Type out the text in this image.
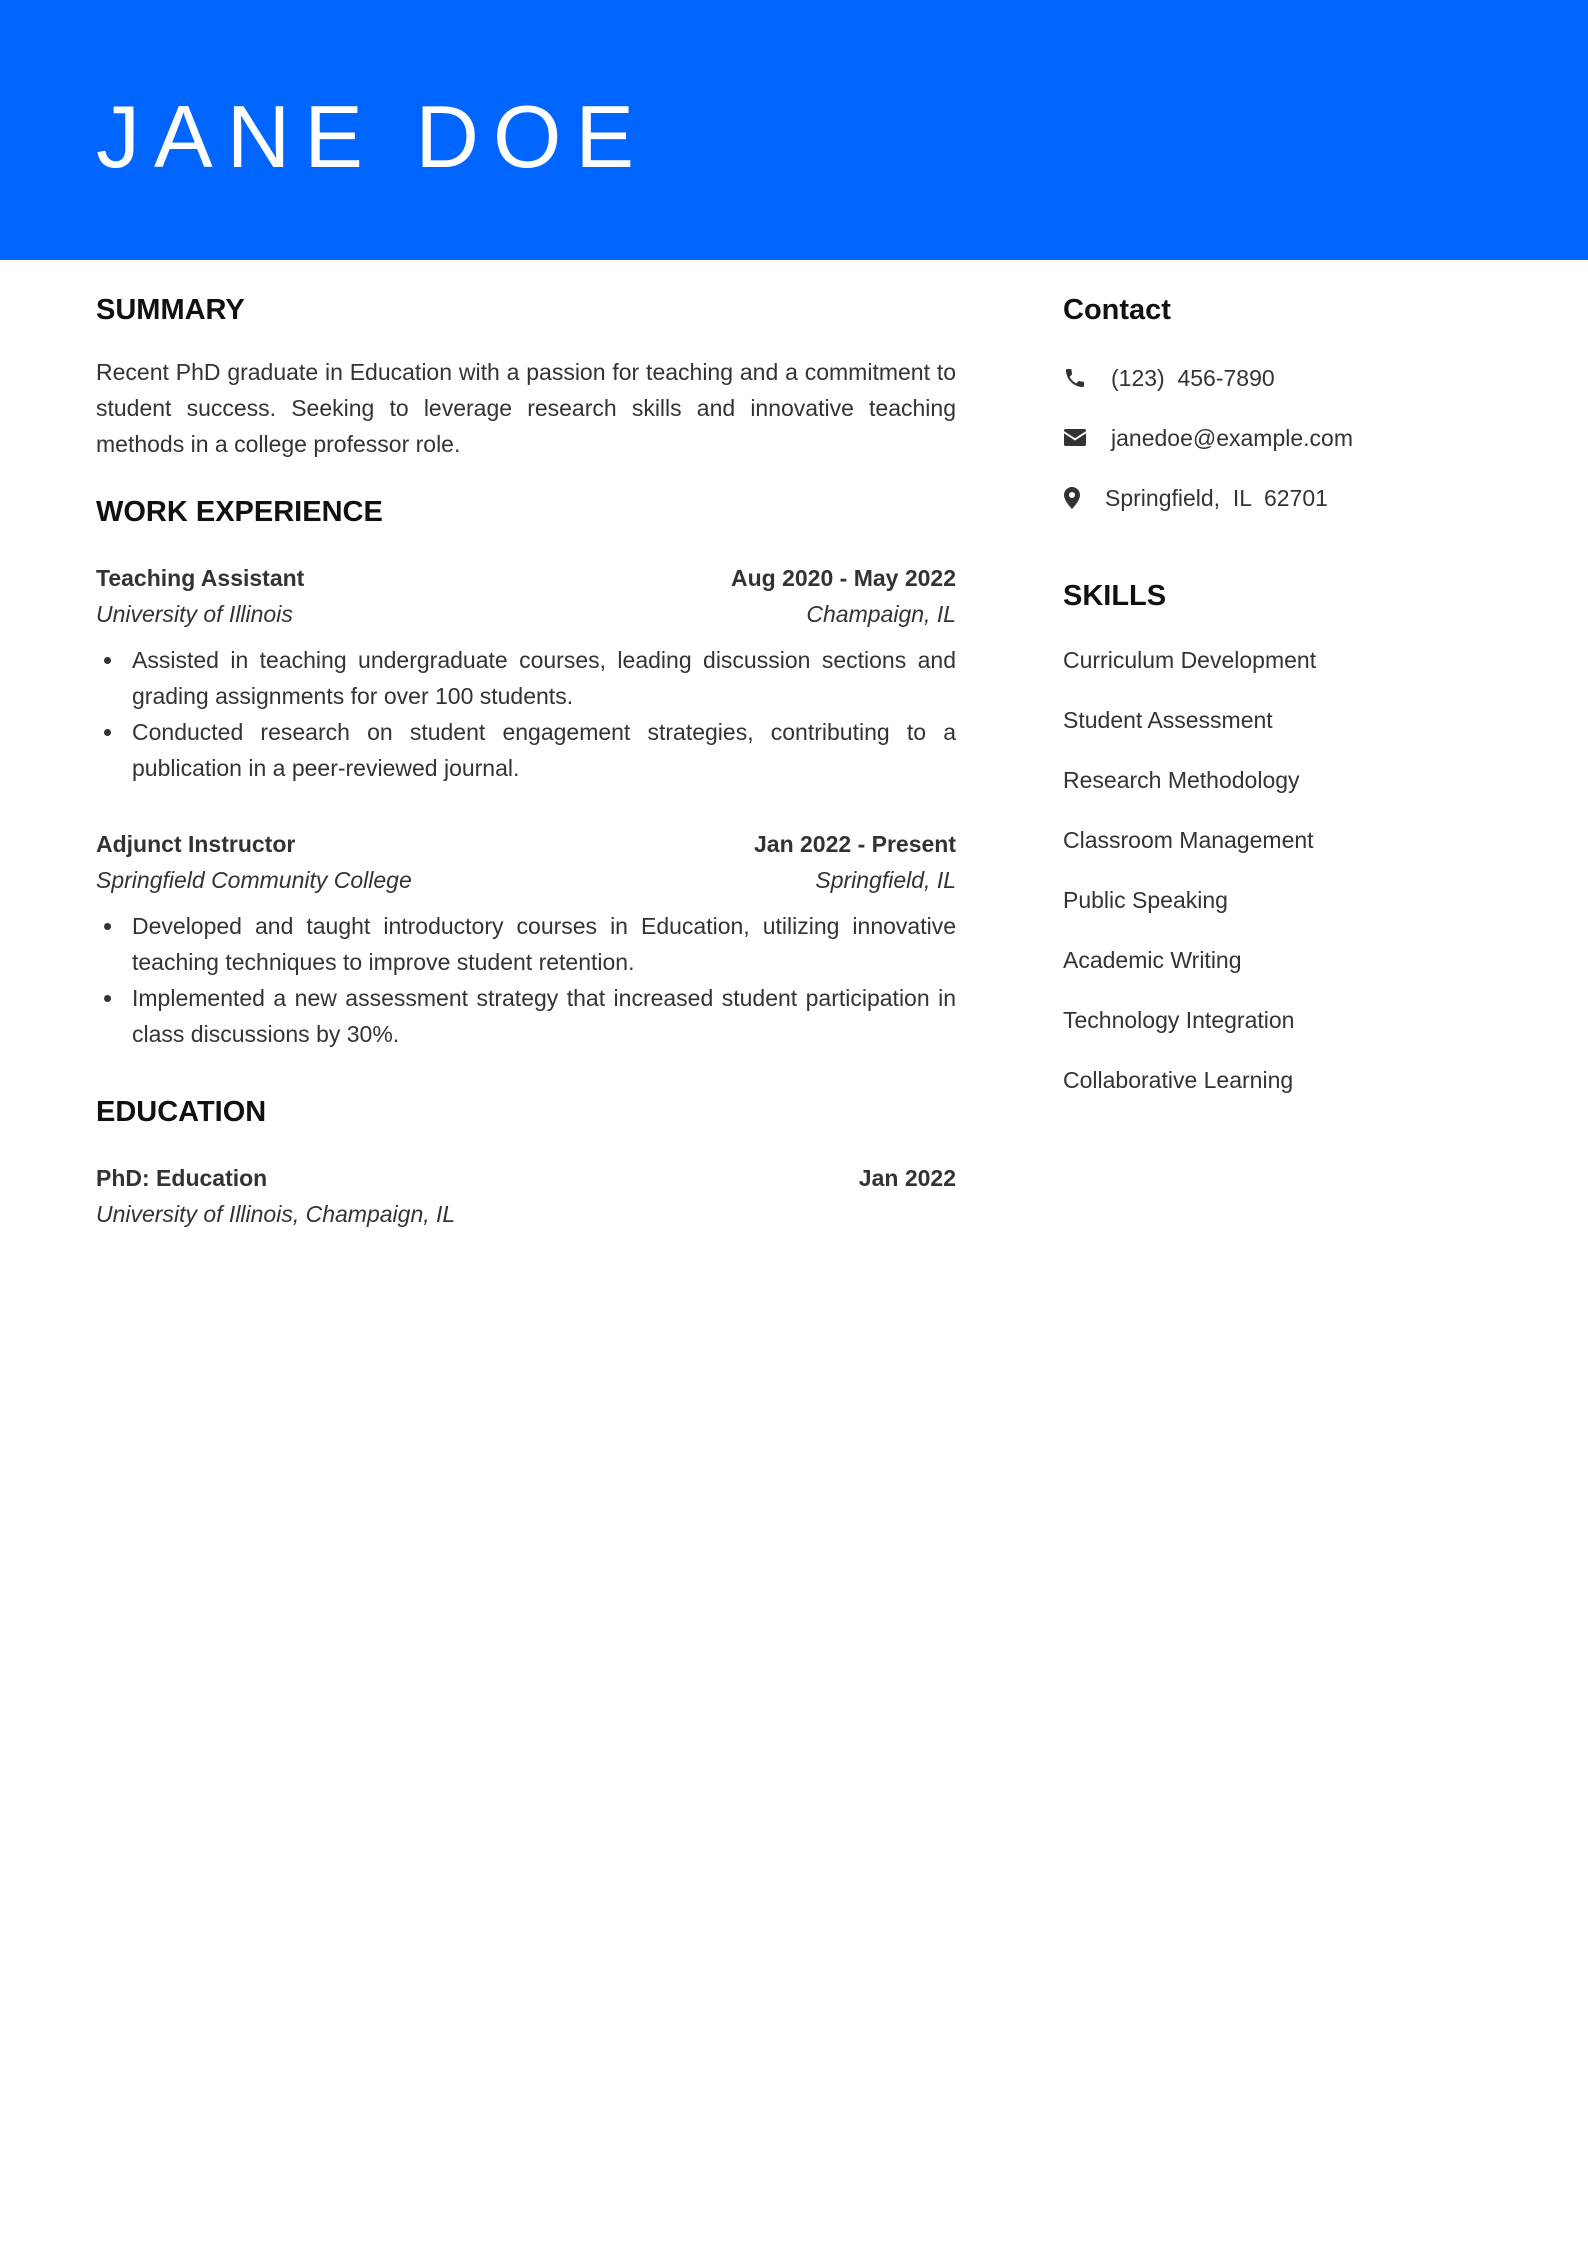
JANE DOE
SUMMARY

Recent PhD graduate in Education with a passion for teaching and a commitment to student success. Seeking to leverage research skills and innovative teaching methods in a college professor role.

WORK EXPERIENCE
Teaching Assistant	Aug 2020 - May 2022
University of Illinois	Champaign, IL
Assisted in teaching undergraduate courses, leading discussion sections and grading assignments for over 100 students.
Conducted research on student engagement strategies, contributing to a publication in a peer-reviewed journal.
Adjunct Instructor	Jan 2022 - Present
Springfield Community College	Springfield, IL
Developed and taught introductory courses in Education, utilizing innovative teaching techniques to improve student retention.
Implemented a new assessment strategy that increased student participation in class discussions by 30%.
EDUCATION
PhD: Education	Jan 2022
University of Illinois, Champaign, IL
Contact
(123)  456-7890
janedoe@example.com
Springfield,  IL  62701
SKILLS
Curriculum Development
Student Assessment
Research Methodology
Classroom Management
Public Speaking
Academic Writing
Technology Integration
Collaborative Learning
